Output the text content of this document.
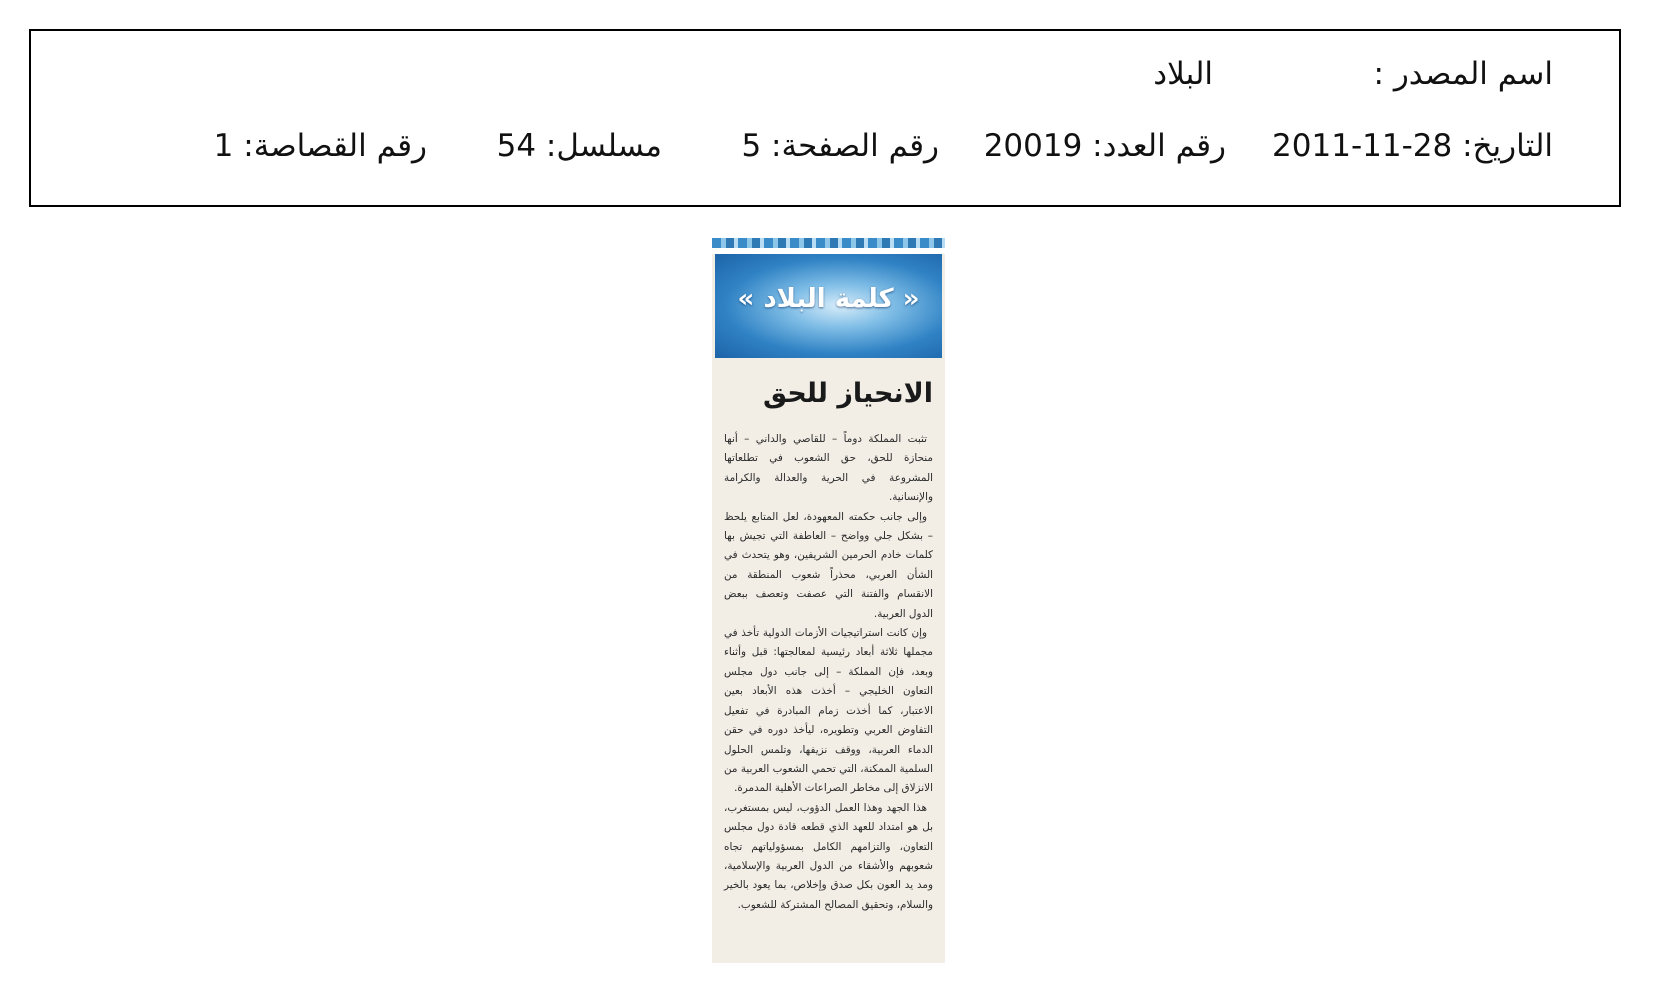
اسم المصدر :
البلاد
التاريخ: 28-11-2011
رقم العدد: 20019
رقم الصفحة: 5
مسلسل: 54
رقم القصاصة: 1
« كلمة البلاد »
الانحياز للحق

تثبت المملكة دوماً – للقاصي والداني – أنها منحازة للحق، حق الشعوب في تطلعاتها المشروعة في الحرية والعدالة والكرامة والإنسانية.

وإلى جانب حكمته المعهودة، لعل المتابع يلحظ – بشكل جلي وواضح – العاطفة التي تجيش بها كلمات خادم الحرمين الشريفين، وهو يتحدث في الشأن العربي، محذراً شعوب المنطقة من الانقسام والفتنة التي عصفت وتعصف ببعض الدول العربية.

وإن كانت استراتيجيات الأزمات الدولية تأخذ في مجملها ثلاثة أبعاد رئيسية لمعالجتها: قبل وأثناء وبعد، فإن المملكة – إلى جانب دول مجلس التعاون الخليجي – أخذت هذه الأبعاد بعين الاعتبار، كما أخذت زمام المبادرة في تفعيل التفاوض العربي وتطويره، ليأخذ دوره في حقن الدماء العربية، ووقف نزيفها، وتلمس الحلول السلمية الممكنة، التي تحمي الشعوب العربية من الانزلاق إلى مخاطر الصراعات الأهلية المدمرة.

هذا الجهد وهذا العمل الدؤوب، ليس بمستغرب، بل هو امتداد للعهد الذي قطعه قادة دول مجلس التعاون، والتزامهم الكامل بمسؤولياتهم تجاه شعوبهم والأشقاء من الدول العربية والإسلامية، ومد يد العون بكل صدق وإخلاص، بما يعود بالخير والسلام، وتحقيق المصالح المشتركة للشعوب.
